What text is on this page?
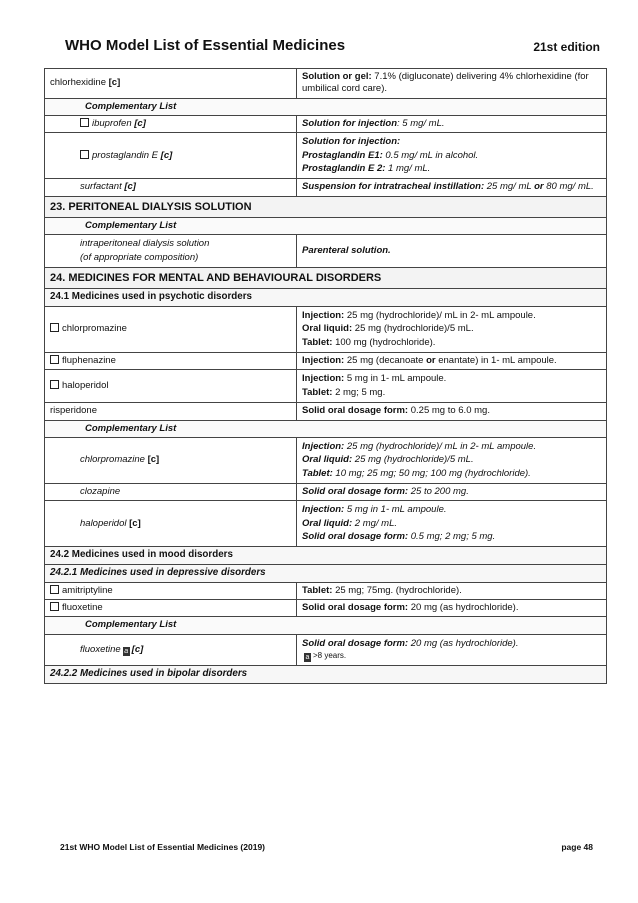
WHO Model List of Essential Medicines	21st edition
chlorhexidine [c]	Solution or gel: 7.1% (digluconate) delivering 4% chlorhexidine (for umbilical cord care).
Complementary List	
ibuprofen [c]	Solution for injection: 5 mg/ mL.
prostaglandin E [c]	Solution for injection:
Prostaglandin E1: 0.5 mg/ mL in alcohol.
Prostaglandin E 2: 1 mg/ mL.

surfactant [c]	Suspension for intratracheal instillation: 25 mg/ mL or 80 mg/ mL.
23. PERITONEAL DIALYSIS SOLUTION	
Complementary List	

intraperitoneal dialysis solution
(of appropriate composition)	Parenteral solution.
24. MEDICINES FOR MENTAL AND BEHAVIOURAL DISORDERS	
24.1 Medicines used in psychotic disorders	
chlorpromazine	Injection: 25 mg (hydrochloride)/ mL in 2- mL ampoule.
Oral liquid: 25 mg (hydrochloride)/5 mL.
Tablet: 100 mg (hydrochloride).

fluphenazine	Injection: 25 mg (decanoate or enantate) in 1- mL ampoule.
haloperidol	Injection: 5 mg in 1- mL ampoule.
Tablet: 2 mg; 5 mg.

risperidone	Solid oral dosage form: 0.25 mg to 6.0 mg.
Complementary List	
chlorpromazine [c]	Injection: 25 mg (hydrochloride)/ mL in 2- mL ampoule.
Oral liquid: 25 mg (hydrochloride)/5 mL.
Tablet: 10 mg; 25 mg; 50 mg; 100 mg (hydrochloride).

clozapine	Solid oral dosage form: 25 to 200 mg.
haloperidol [c]	Injection: 5 mg in 1- mL ampoule.
Oral liquid: 2 mg/ mL.
Solid oral dosage form: 0.5 mg; 2 mg; 5 mg.

24.2 Medicines used in mood disorders	
24.2.1 Medicines used in depressive disorders	
amitriptyline	Tablet: 25 mg; 75mg. (hydrochloride).
fluoxetine	Solid oral dosage form: 20 mg (as hydrochloride).
Complementary List	
fluoxetine a [c]	Solid oral dosage form: 20 mg (as hydrochloride).
a >8 years.

24.2.2 Medicines used in bipolar disorders	
21st WHO Model List of Essential Medicines (2019)	page 48
